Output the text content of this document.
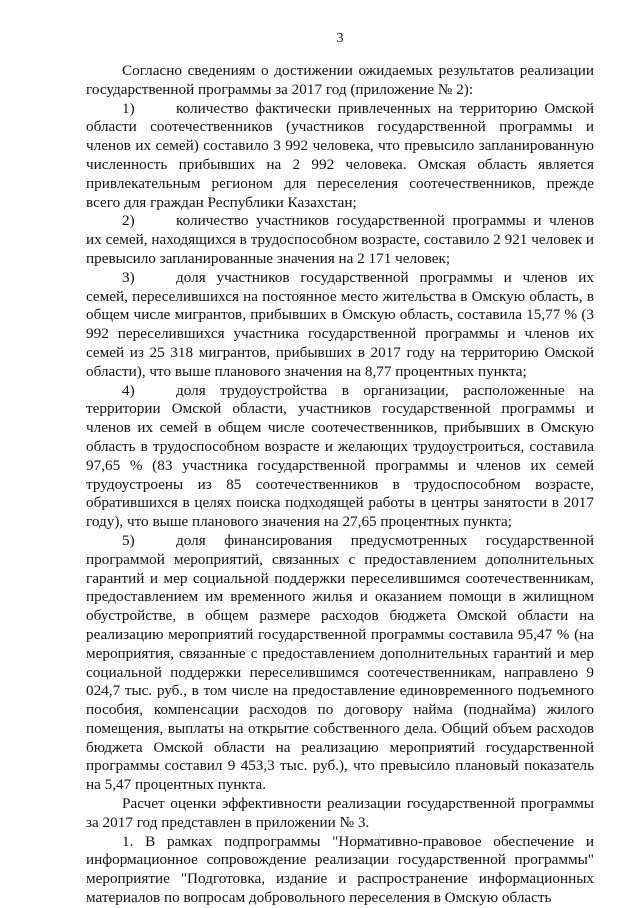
3

Согласно сведениям о достижении ожидаемых результатов реализации государственной программы за 2017 год (приложение № 2):

1)	количество фактически привлеченных на территорию Омской области соотечественников (участников государственной программы и членов их семей) составило 3 992 человека, что превысило запланированную численность прибывших на 2 992 человека. Омская область является привлекательным регионом для переселения соотечественников, прежде всего для граждан Республики Казахстан;

2)	количество участников государственной программы и членов их семей, находящихся в трудоспособном возрасте, составило 2 921 человек и превысило запланированные значения на 2 171 человек;

3)	доля участников государственной программы и членов их семей, переселившихся на постоянное место жительства в Омскую область, в общем числе мигрантов, прибывших в Омскую область, составила 15,77 % (3 992 переселившихся участника государственной программы и членов их семей из 25 318 мигрантов, прибывших в 2017 году на территорию Омской области), что выше планового значения на 8,77 процентных пункта;

4)	доля трудоустройства в организации, расположенные на территории Омской области, участников государственной программы и членов их семей в общем числе соотечественников, прибывших в Омскую область в трудоспособном возрасте и желающих трудоустроиться, составила 97,65 % (83 участника государственной программы и членов их семей трудоустроены из 85 соотечественников в трудоспособном возрасте, обратившихся в целях поиска подходящей работы в центры занятости в 2017 году), что выше планового значения на 27,65 процентных пункта;

5)	доля финансирования предусмотренных государственной программой мероприятий, связанных с предоставлением дополнительных гарантий и мер социальной поддержки переселившимся соотечественникам, предоставлением им временного жилья и оказанием помощи в жилищном обустройстве, в общем размере расходов бюджета Омской области на реализацию мероприятий государственной программы составила 95,47 % (на мероприятия, связанные с предоставлением дополнительных гарантий и мер социальной поддержки переселившимся соотечественникам, направлено 9 024,7 тыс. руб., в том числе на предоставление единовременного подъемного пособия, компенсации расходов по договору найма (поднайма) жилого помещения, выплаты на открытие собственного дела. Общий объем расходов бюджета Омской области на реализацию мероприятий государственной программы составил 9 453,3 тыс. руб.), что превысило плановый показатель на 5,47 процентных пункта.

Расчет оценки эффективности реализации государственной программы за 2017 год представлен в приложении № 3.

1. В рамках подпрограммы "Нормативно-правовое обеспечение и информационное сопровождение реализации государственной программы" мероприятие "Подготовка, издание и распространение информационных материалов по вопросам добровольного переселения в Омскую область
